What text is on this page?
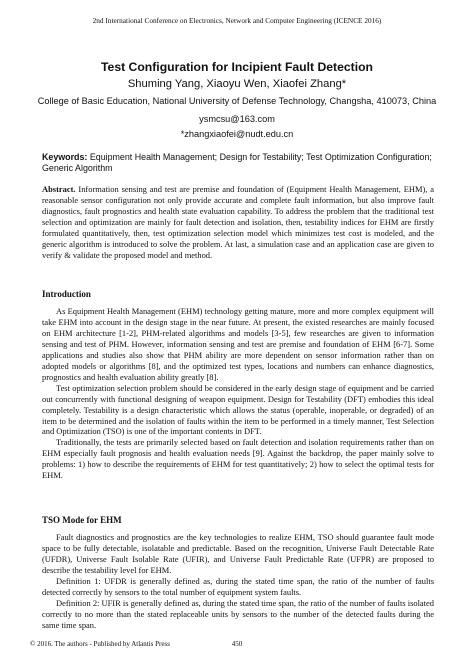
2nd International Conference on Electronics, Network and Computer Engineering (ICENCE 2016)
Test Configuration for Incipient Fault Detection
Shuming Yang, Xiaoyu Wen, Xiaofei Zhang*
College of Basic Education, National University of Defense Technology, Changsha, 410073, China
ysmcsu@163.com
*zhangxiaofei@nudt.edu.cn
Keywords: Equipment Health Management; Design for Testability; Test Optimization Configuration; Generic Algorithm
Abstract. Information sensing and test are premise and foundation of (Equipment Health Management, EHM), a reasonable sensor configuration not only provide accurate and complete fault information, but also improve fault diagnostics, fault prognostics and health state evaluation capability. To address the problem that the traditional test selection and optimization are mainly for fault detection and isolation, then, testability indices for EHM are firstly formulated quantitatively, then, test optimization selection model which minimizes test cost is modeled, and the generic algorithm is introduced to solve the problem. At last, a simulation case and an application case are given to verify & validate the proposed model and method.
Introduction

As Equipment Health Management (EHM) technology getting mature, more and more complex equipment will take EHM into account in the design stage in the near future. At present, the existed researches are mainly focused on EHM architecture [1-2], PHM-related algorithms and models [3-5], few researches are given to information sensing and test of PHM. However, information sensing and test are premise and foundation of EHM [6-7]. Some applications and studies also show that PHM ability are more dependent on sensor information rather than on adopted models or algorithms [8], and the optimized test types, locations and numbers can enhance diagnostics, prognostics and health evaluation ability greatly [8].

Test optimization selection problem should be considered in the early design stage of equipment and be carried out concurrently with functional designing of weapon equipment. Design for Testability (DFT) embodies this ideal completely. Testability is a design characteristic which allows the status (operable, inoperable, or degraded) of an item to be determined and the isolation of faults within the item to be performed in a timely manner, Test Selection and Optimization (TSO) is one of the important contents in DFT.

Traditionally, the tests are primarily selected based on fault detection and isolation requirements rather than on EHM especially fault prognosis and health evaluation needs [9]. Against the backdrop, the paper mainly solve to problems: 1) how to describe the requirements of EHM for test quantitatively; 2) how to select the optimal tests for EHM.

TSO Mode for EHM

Fault diagnostics and prognostics are the key technologies to realize EHM, TSO should guarantee fault mode space to be fully detectable, isolatable and predictable. Based on the recognition, Universe Fault Detectable Rate (UFDR), Universe Fault Isolable Rate (UFIR), and Universe Fault Predictable Rate (UFPR) are proposed to describe the testability level for EHM.

Definition 1: UFDR is generally defined as, during the stated time span, the ratio of the number of faults detected correctly by sensors to the total number of equipment system faults.

Definition 2: UFIR is generally defined as, during the stated time span, the ratio of the number of faults isolated correctly to no more than the stated replaceable units by sensors to the number of the detected faults during the same time span.

© 2016. The authors - Published by Atlantis Press	450
